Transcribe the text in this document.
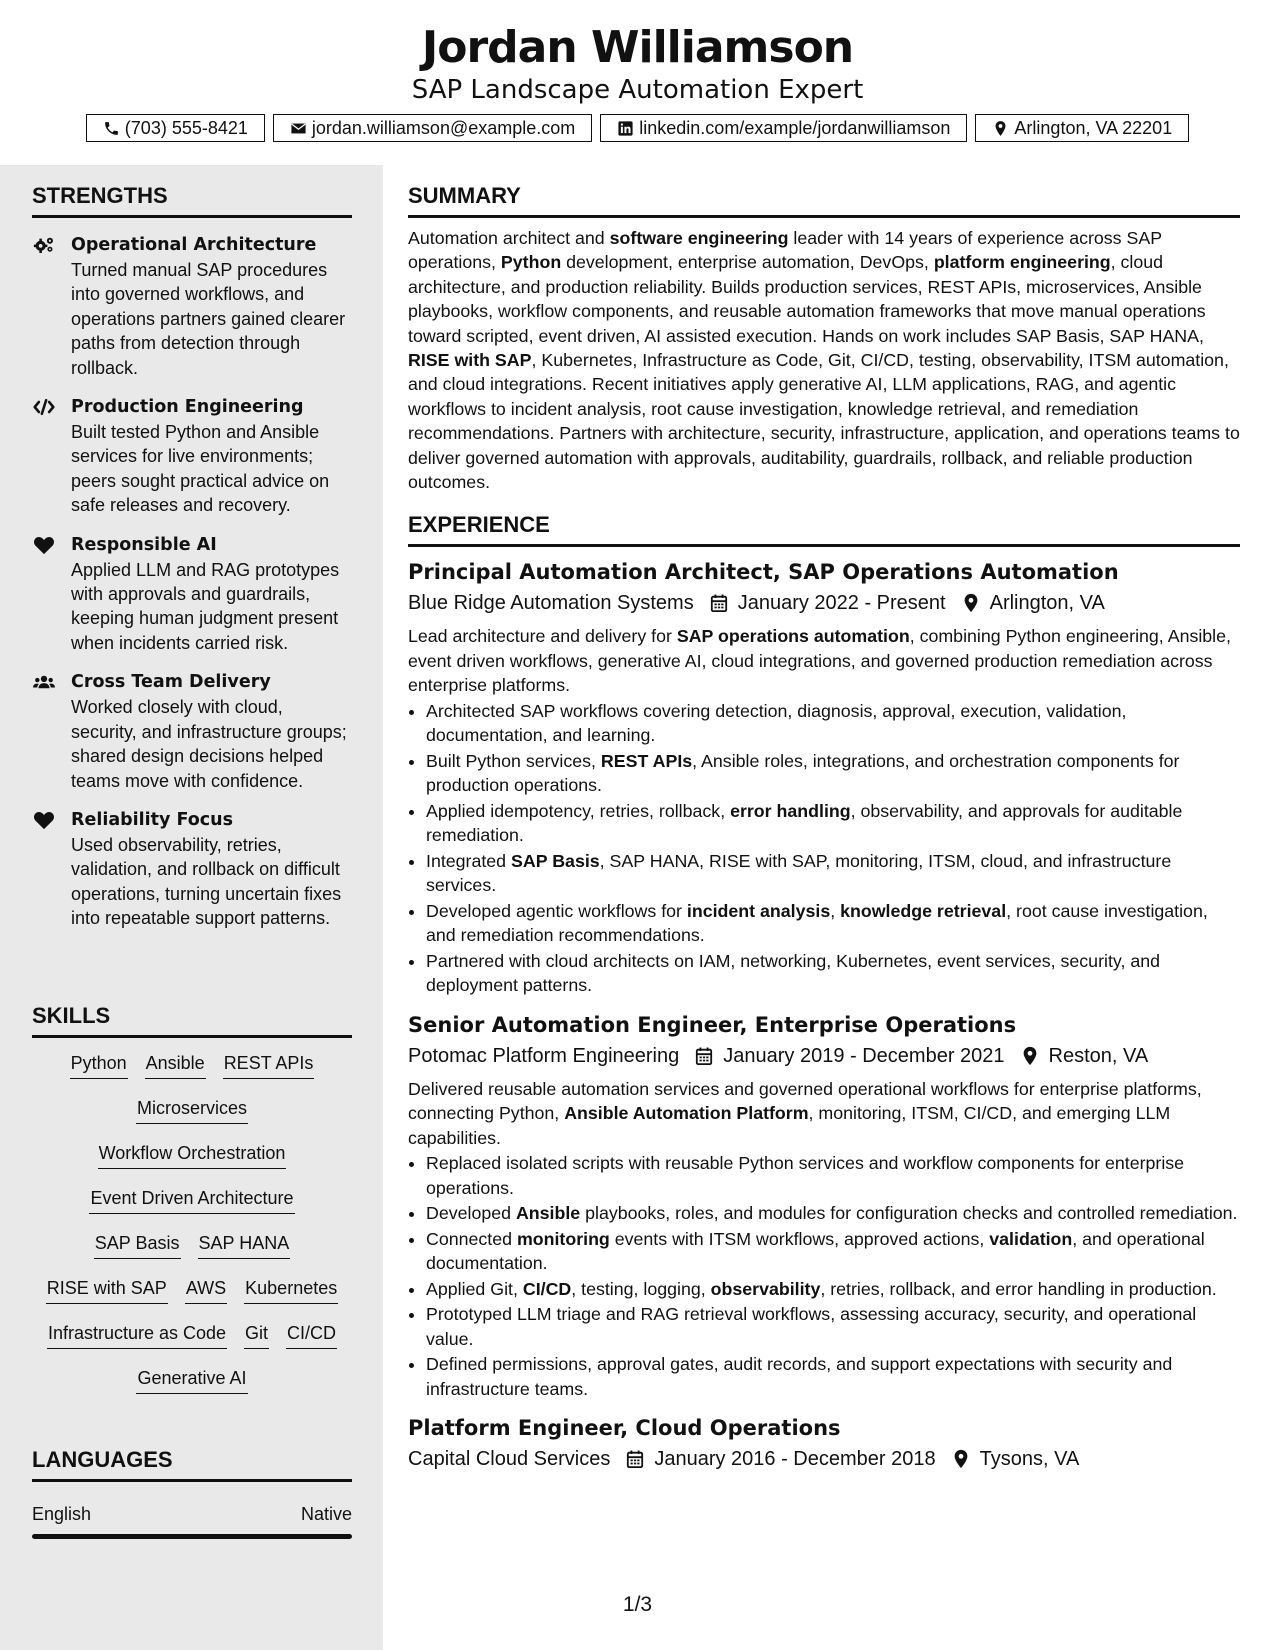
Jordan Williamson
SAP Landscape Automation Expert
(703) 555-8421	jordan.williamson@example.com	linkedin.com/example/jordanwilliamson	Arlington, VA 22201
STRENGTHS
Operational Architecture
Turned manual SAP procedures into governed workflows, and operations partners gained clearer paths from detection through rollback.
Production Engineering
Built tested Python and Ansible services for live environments; peers sought practical advice on safe releases and recovery.
Responsible AI
Applied LLM and RAG prototypes with approvals and guardrails, keeping human judgment present when incidents carried risk.
Cross Team Delivery
Worked closely with cloud, security, and infrastructure groups; shared design decisions helped teams move with confidence.
Reliability Focus
Used observability, retries, validation, and rollback on difficult operations, turning uncertain fixes into repeatable support patterns.
SKILLS
Python Ansible REST APIs
Microservices
Workflow Orchestration
Event Driven Architecture
SAP Basis SAP HANA
RISE with SAP AWS Kubernetes
Infrastructure as Code Git CI/CD
Generative AI
LANGUAGES
English	Native
SUMMARY
Automation architect and software engineering leader with 14 years of experience across SAP operations, Python development, enterprise automation, DevOps, platform engineering, cloud architecture, and production reliability. Builds production services, REST APIs, microservices, Ansible playbooks, workflow components, and reusable automation frameworks that move manual operations toward scripted, event driven, AI assisted execution. Hands on work includes SAP Basis, SAP HANA, RISE with SAP, Kubernetes, Infrastructure as Code, Git, CI/CD, testing, observability, ITSM automation, and cloud integrations. Recent initiatives apply generative AI, LLM applications, RAG, and agentic workflows to incident analysis, root cause investigation, knowledge retrieval, and remediation recommendations. Partners with architecture, security, infrastructure, application, and operations teams to deliver governed automation with approvals, auditability, guardrails, rollback, and reliable production outcomes.
EXPERIENCE
Principal Automation Architect, SAP Operations Automation
Blue Ridge Automation Systems January 2022 - Present Arlington, VA
Lead architecture and delivery for SAP operations automation, combining Python engineering, Ansible, event driven workflows, generative AI, cloud integrations, and governed production remediation across enterprise platforms.
• Architected SAP workflows covering detection, diagnosis, approval, execution, validation, documentation, and learning.
• Built Python services, REST APIs, Ansible roles, integrations, and orchestration components for production operations.
• Applied idempotency, retries, rollback, error handling, observability, and approvals for auditable remediation.
• Integrated SAP Basis, SAP HANA, RISE with SAP, monitoring, ITSM, cloud, and infrastructure services.
• Developed agentic workflows for incident analysis, knowledge retrieval, root cause investigation, and remediation recommendations.
• Partnered with cloud architects on IAM, networking, Kubernetes, event services, security, and deployment patterns.
Senior Automation Engineer, Enterprise Operations
Potomac Platform Engineering January 2019 - December 2021 Reston, VA
Delivered reusable automation services and governed operational workflows for enterprise platforms, connecting Python, Ansible Automation Platform, monitoring, ITSM, CI/CD, and emerging LLM capabilities.
• Replaced isolated scripts with reusable Python services and workflow components for enterprise operations.
• Developed Ansible playbooks, roles, and modules for configuration checks and controlled remediation.
• Connected monitoring events with ITSM workflows, approved actions, validation, and operational documentation.
• Applied Git, CI/CD, testing, logging, observability, retries, rollback, and error handling in production.
• Prototyped LLM triage and RAG retrieval workflows, assessing accuracy, security, and operational value.
• Defined permissions, approval gates, audit records, and support expectations with security and infrastructure teams.
Platform Engineer, Cloud Operations
Capital Cloud Services January 2016 - December 2018 Tysons, VA
1/3
